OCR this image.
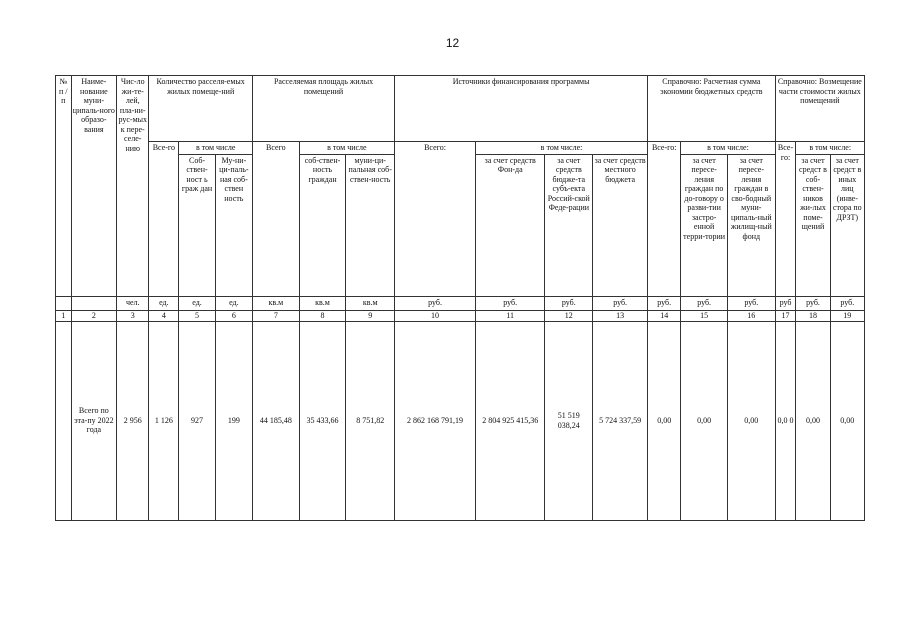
12
№ п / п	Наиме-нование муни-ципаль-ного образо-вания	Чис-ло жи-те-лей, пла-ни-рус-мых к пере-селе-нию	Количество расселя-емых жилых помеще-ний			Расселяемая площадь жилых помещений			Источники финансирования программы				Справочно: Расчетная сумма экономии бюджетных средств			Справочно: Возмещение части стоимости жилых помещений		
			Все-го	в том числе		Всего	в том числе		Всего:	в том числе:			Все-го:	в том числе:		Все-го:	в том числе:	
				Соб-ствен-ност ь граж дан	Му-ни-ци-паль-ная соб-ствен ность		соб-ствен-ность граждан	муни-ци-пальная соб-ствен-ность		за счет средств Фон-да	за счет средств бюдже-та субъ-екта Россий-ской Феде-рации	за счет средств местного бюджета		за счет пересе-ления граждан по до-говору о разви-тии застро-енной терри-тории	за счет пересе-ления граждан в сво-бодный муни-ципаль-ный жилищ-ный фонд		за счет средст в соб-ствен-ников жи-лых поме-щений	за счет средст в иных лиц (инве-стора по ДРЗТ)
		чел.	ед.	ед.	ед.	кв.м	кв.м	кв.м	руб.	руб.	руб.	руб.	руб.	руб.	руб.	руб	руб.	руб.
1	2	3	4	5	6	7	8	9	10	11	12	13	14	15	16	17	18	19
	Всего по эта-пу 2022 года	2 956	1 126	927	199	44 185,48	35 433,66	8 751,82	2 862 168 791,19	2 804 925 415,36	51 519 038,24	5 724 337,59	0,00	0,00	0,00	0,0 0	0,00	0,00
